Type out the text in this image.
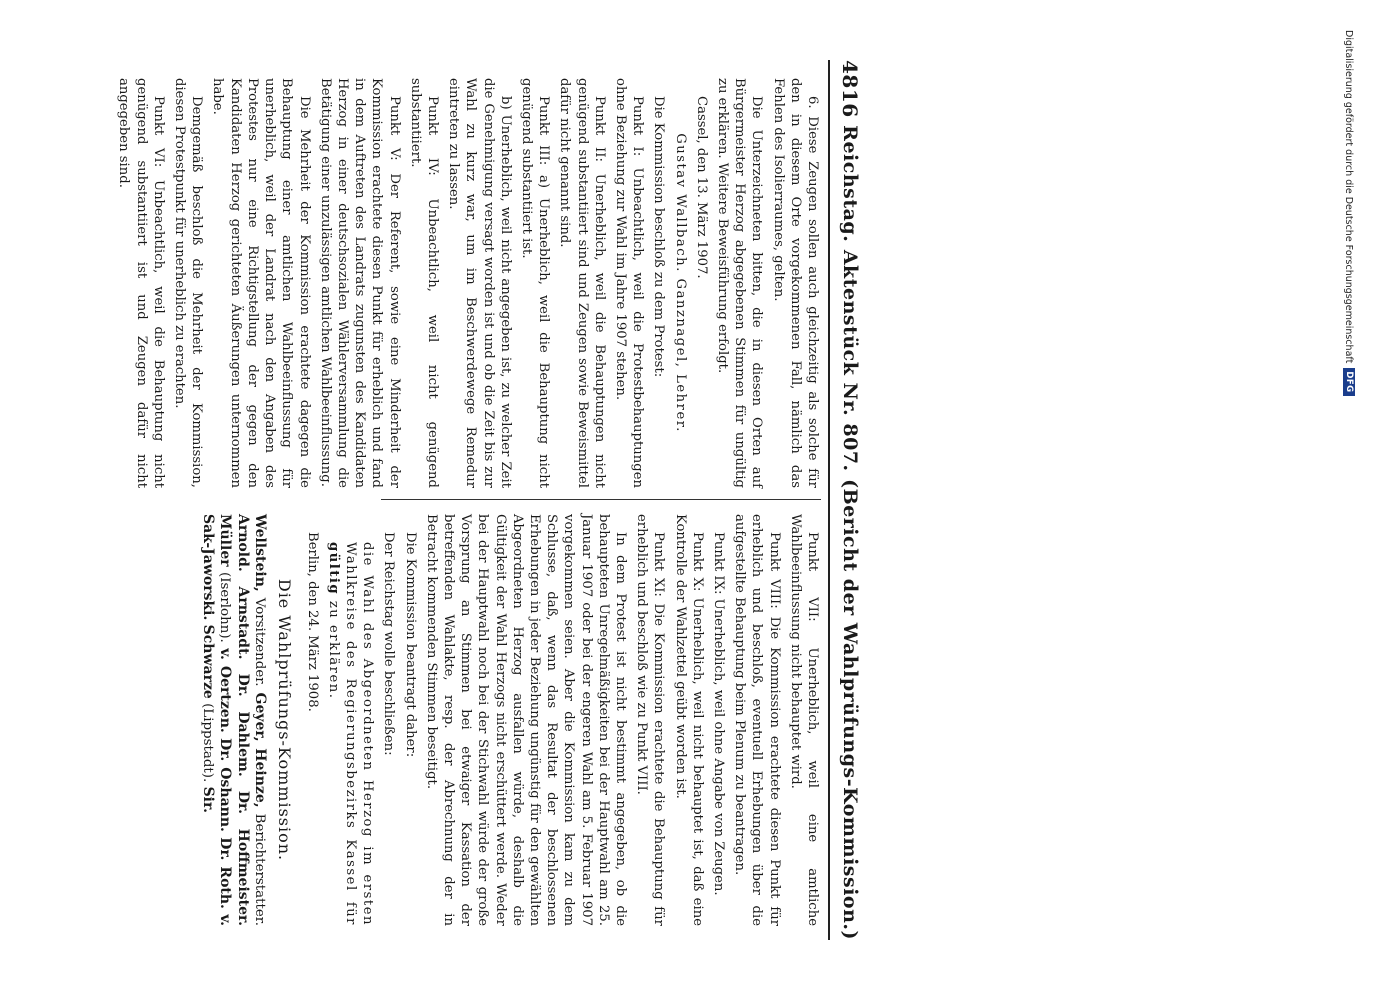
Digitalisierung gefördert durch die Deutsche Forschungsgemeinschaft
DFG
4816
Reichstag.
Aktenstück Nr. 807.
(Bericht der Wahlprüfungs-Kommission.)

6. Diese Zeugen sollen auch gleichzeitig als solche für den in diesem Orte vorgekommenen Fall, nämlich das Fehlen des Isolierraumes, gelten.

Die Unterzeichneten bitten, die in diesen Orten auf Bürgermeister Herzog abgegebenen Stimmen für ungültig zu erklären. Weitere Beweisführung erfolgt.

Cassel, den 13. März 1907.

Gustav Wallbach. Ganznagel, Lehrer.

Die Kommission beschloß zu dem Protest:

Punkt I: Unbeachtlich, weil die Protestbehauptungen ohne Beziehung zur Wahl im Jahre 1907 stehen.

Punkt II: Unerheblich, weil die Behauptungen nicht genügend substantiiert sind und Zeugen sowie Beweismittel dafür nicht genannt sind.

Punkt III: a) Unerheblich, weil die Behauptung nicht genügend substantiiert ist.

b) Unerheblich, weil nicht angegeben ist, zu welcher Zeit die Genehmigung versagt worden ist und ob die Zeit bis zur Wahl zu kurz war, um im Beschwerdewege Remedur eintreten zu lassen.

Punkt IV: Unbeachtlich, weil nicht genügend substantiiert.

Punkt V: Der Referent, sowie eine Minderheit der Kommission erachtete diesen Punkt für erheblich und fand in dem Auftreten des Landrats zugunsten des Kandidaten Herzog in einer deutschsozialen Wählerversammlung die Betätigung einer unzulässigen amtlichen Wahlbeeinflussung.

Die Mehrheit der Kommission erachtete dagegen die Behauptung einer amtlichen Wahlbeeinflussung für unerheblich, weil der Landrat nach den Angaben des Protestes nur eine Richtigstellung der gegen den Kandidaten Herzog gerichteten Äußerungen unternommen habe.

Demgemäß beschloß die Mehrheit der Kommission, diesen Protestpunkt für unerheblich zu erachten.

Punkt VI: Unbeachtlich, weil die Behauptung nicht genügend substantiiert ist und Zeugen dafür nicht angegeben sind.

Punkt VII: Unerheblich, weil eine amtliche Wahlbeeinflussung nicht behauptet wird.

Punkt VIII: Die Kommission erachtete diesen Punkt für erheblich und beschloß, eventuell Erhebungen über die aufgestellte Behauptung beim Plenum zu beantragen.

Punkt IX: Unerheblich, weil ohne Angabe von Zeugen.

Punkt X: Unerheblich, weil nicht behauptet ist, daß eine Kontrolle der Wahlzettel geübt worden ist.

Punkt XI: Die Kommission erachtete die Behauptung für erheblich und beschloß wie zu Punkt VIII.

In dem Protest ist nicht bestimmt angegeben, ob die behaupteten Unregelmäßigkeiten bei der Hauptwahl am 25. Januar 1907 oder bei der engeren Wahl am 5. Februar 1907 vorgekommen seien. Aber die Kommission kam zu dem Schlusse, daß, wenn das Resultat der beschlossenen Erhebungen in jeder Beziehung ungünstig für den gewählten Abgeordneten Herzog ausfallen würde, deshalb die Gültigkeit der Wahl Herzogs nicht erschüttert werde. Weder bei der Hauptwahl noch bei der Stichwahl würde der große Vorsprung an Stimmen bei etwaiger Kassation der betreffenden Wahlakte, resp. der Abrechnung der in Betracht kommenden Stimmen beseitigt.

Die Kommission beantragt daher:

Der Reichstag wolle beschließen:

die Wahl des Abgeordneten Herzog im ersten Wahlkreise des Regierungsbezirks Kassel für gültig zu erklären.

Berlin, den 24. März 1908.

Die Wahlprüfungs-Kommission.
Wellstein, Vorsitzender. Geyer, Heinze, Berichterstatter. Arnold. Arnstadt. Dr. Dahlem. Dr. Hoffmeister. Müller (Iserlohn). v. Oertzen. Dr. Oshann. Dr. Roth. v. Sak-Jaworski. Schwarze (Lippstadt). Sir.
